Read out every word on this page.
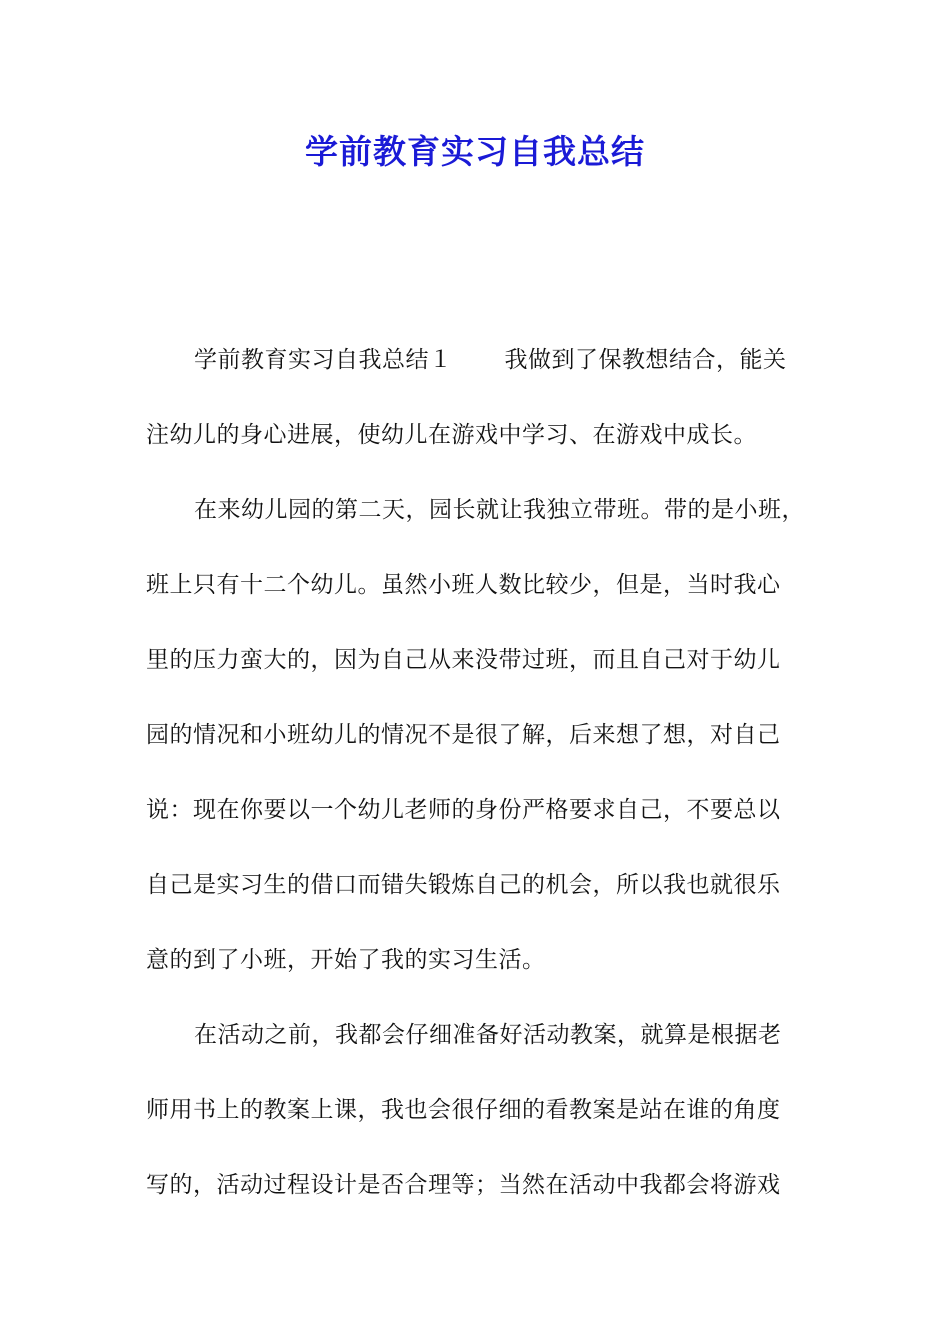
学前教育实习自我总结
学前教育实习自我总结１ 我做到了保教想结合，能关
注幼儿的身心进展，使幼儿在游戏中学习、在游戏中成长。
在来幼儿园的第二天，园长就让我独立带班。带的是小班，
班上只有十二个幼儿。虽然小班人数比较少，但是，当时我心
里的压力蛮大的，因为自己从来没带过班，而且自己对于幼儿
园的情况和小班幼儿的情况不是很了解，后来想了想，对自己
说：现在你要以一个幼儿老师的身份严格要求自己，不要总以
自己是实习生的借口而错失锻炼自己的机会，所以我也就很乐
意的到了小班，开始了我的实习生活。
在活动之前，我都会仔细准备好活动教案，就算是根据老
师用书上的教案上课，我也会很仔细的看教案是站在谁的角度
写的，活动过程设计是否合理等；当然在活动中我都会将游戏
